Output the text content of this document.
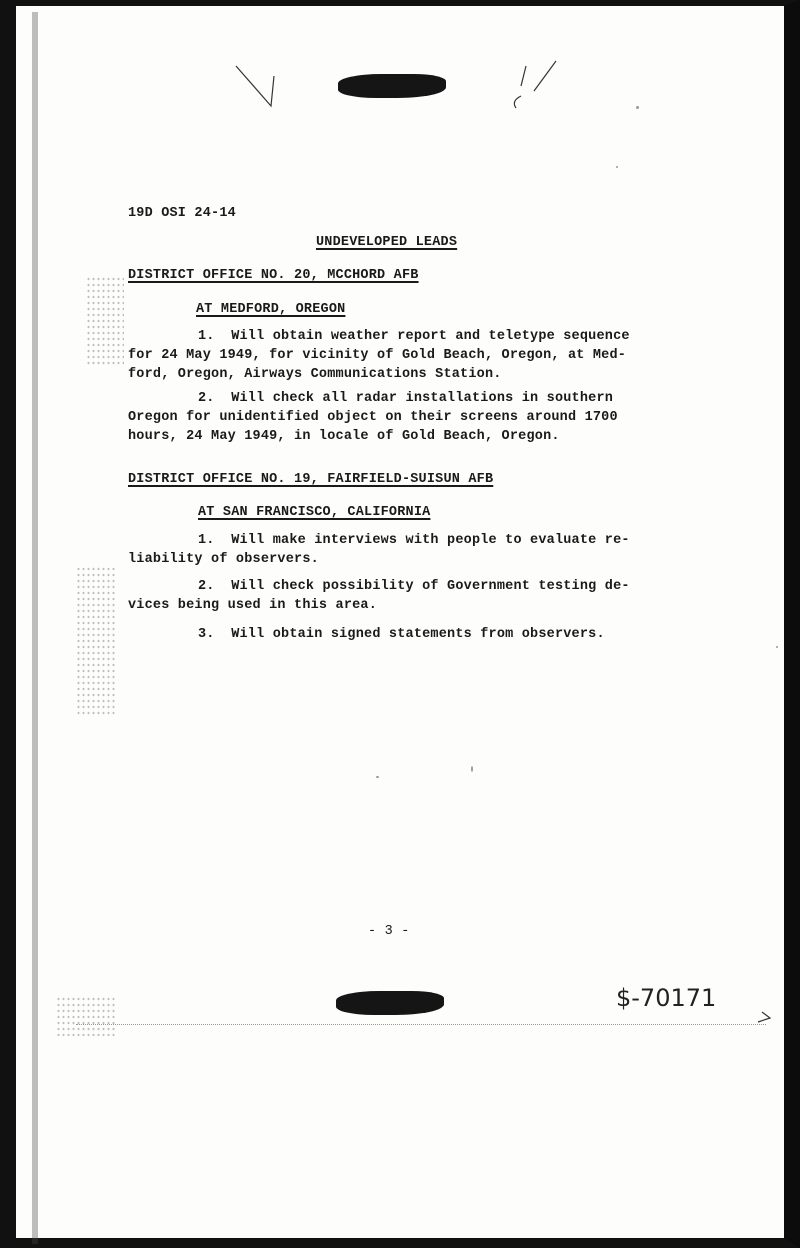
19D OSI 24-14
UNDEVELOPED LEADS
DISTRICT OFFICE NO. 20, MCCHORD AFB
AT MEDFORD, OREGON
1.  Will obtain weather report and teletype sequence
for 24 May 1949, for vicinity of Gold Beach, Oregon, at Med-
ford, Oregon, Airways Communications Station.
2.  Will check all radar installations in southern
Oregon for unidentified object on their screens around 1700
hours, 24 May 1949, in locale of Gold Beach, Oregon.
DISTRICT OFFICE NO. 19, FAIRFIELD-SUISUN AFB
AT SAN FRANCISCO, CALIFORNIA
1.  Will make interviews with people to evaluate re-
liability of observers.
2.  Will check possibility of Government testing de-
vices being used in this area.
3.  Will obtain signed statements from observers.
- 3 -
$-70171
